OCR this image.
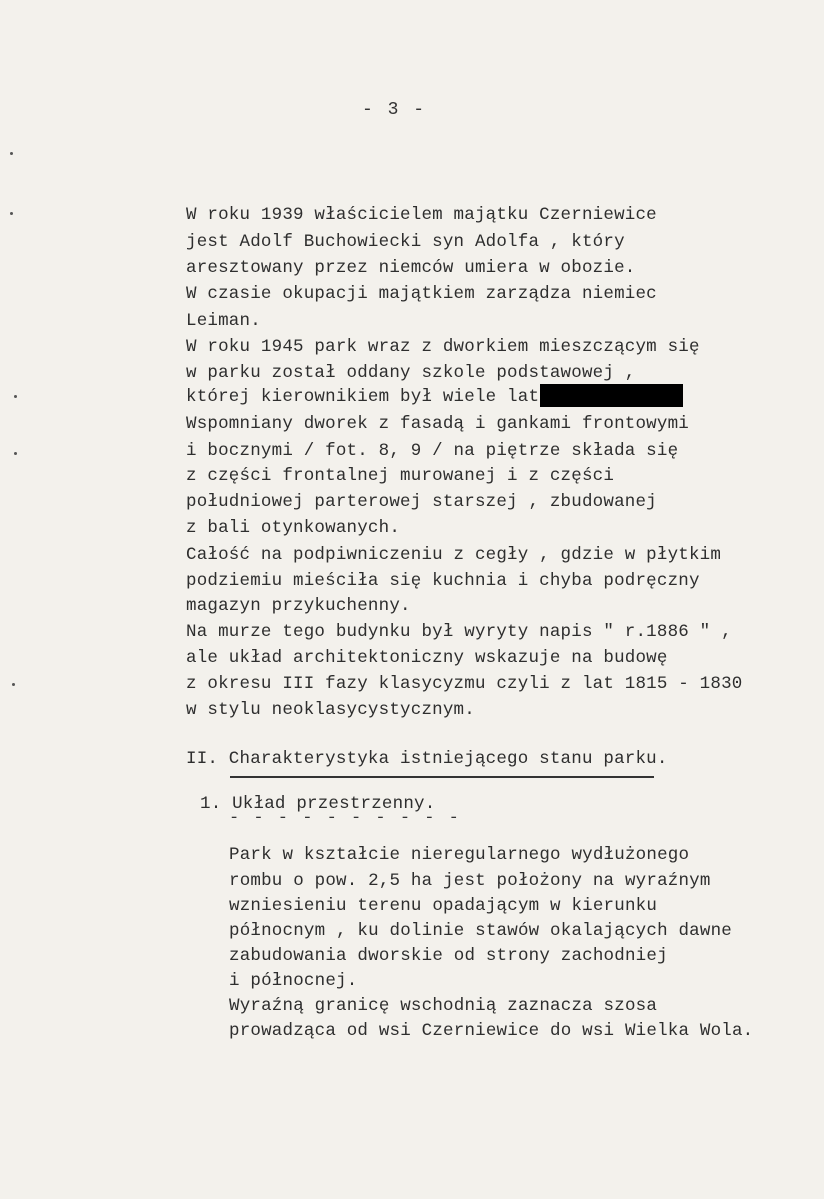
- 3 -
W roku 1939 właścicielem majątku Czerniewice
jest Adolf Buchowiecki syn Adolfa , który
aresztowany przez niemców umiera w obozie.
W czasie okupacji majątkiem zarządza niemiec
Leiman.
W roku 1945 park wraz z dworkiem mieszczącym się
w parku został oddany szkole podstawowej ,
której kierownikiem był wiele lat
Wspomniany dworek z fasadą i gankami frontowymi
i bocznymi / fot. 8, 9 / na piętrze składa się
z części frontalnej murowanej i z części
południowej parterowej starszej , zbudowanej
z bali otynkowanych.
Całość na podpiwniczeniu z cegły , gdzie w płytkim
podziemiu mieściła się kuchnia i chyba podręczny
magazyn przykuchenny.
Na murze tego budynku był wyryty napis " r.1886 " ,
ale układ architektoniczny wskazuje na budowę
z okresu III fazy klasycyzmu czyli z lat 1815 - 1830
w stylu neoklasycystycznym.
II. Charakterystyka istniejącego stanu parku.
1. Układ przestrzenny.
- - - - - - - - - -
Park w kształcie nieregularnego wydłużonego
rombu o pow. 2,5 ha jest położony na wyraźnym
wzniesieniu terenu opadającym w kierunku
północnym , ku dolinie stawów okalających dawne
zabudowania dworskie od strony zachodniej
i północnej.
Wyraźną granicę wschodnią zaznacza szosa
prowadząca od wsi Czerniewice do wsi Wielka Wola.
